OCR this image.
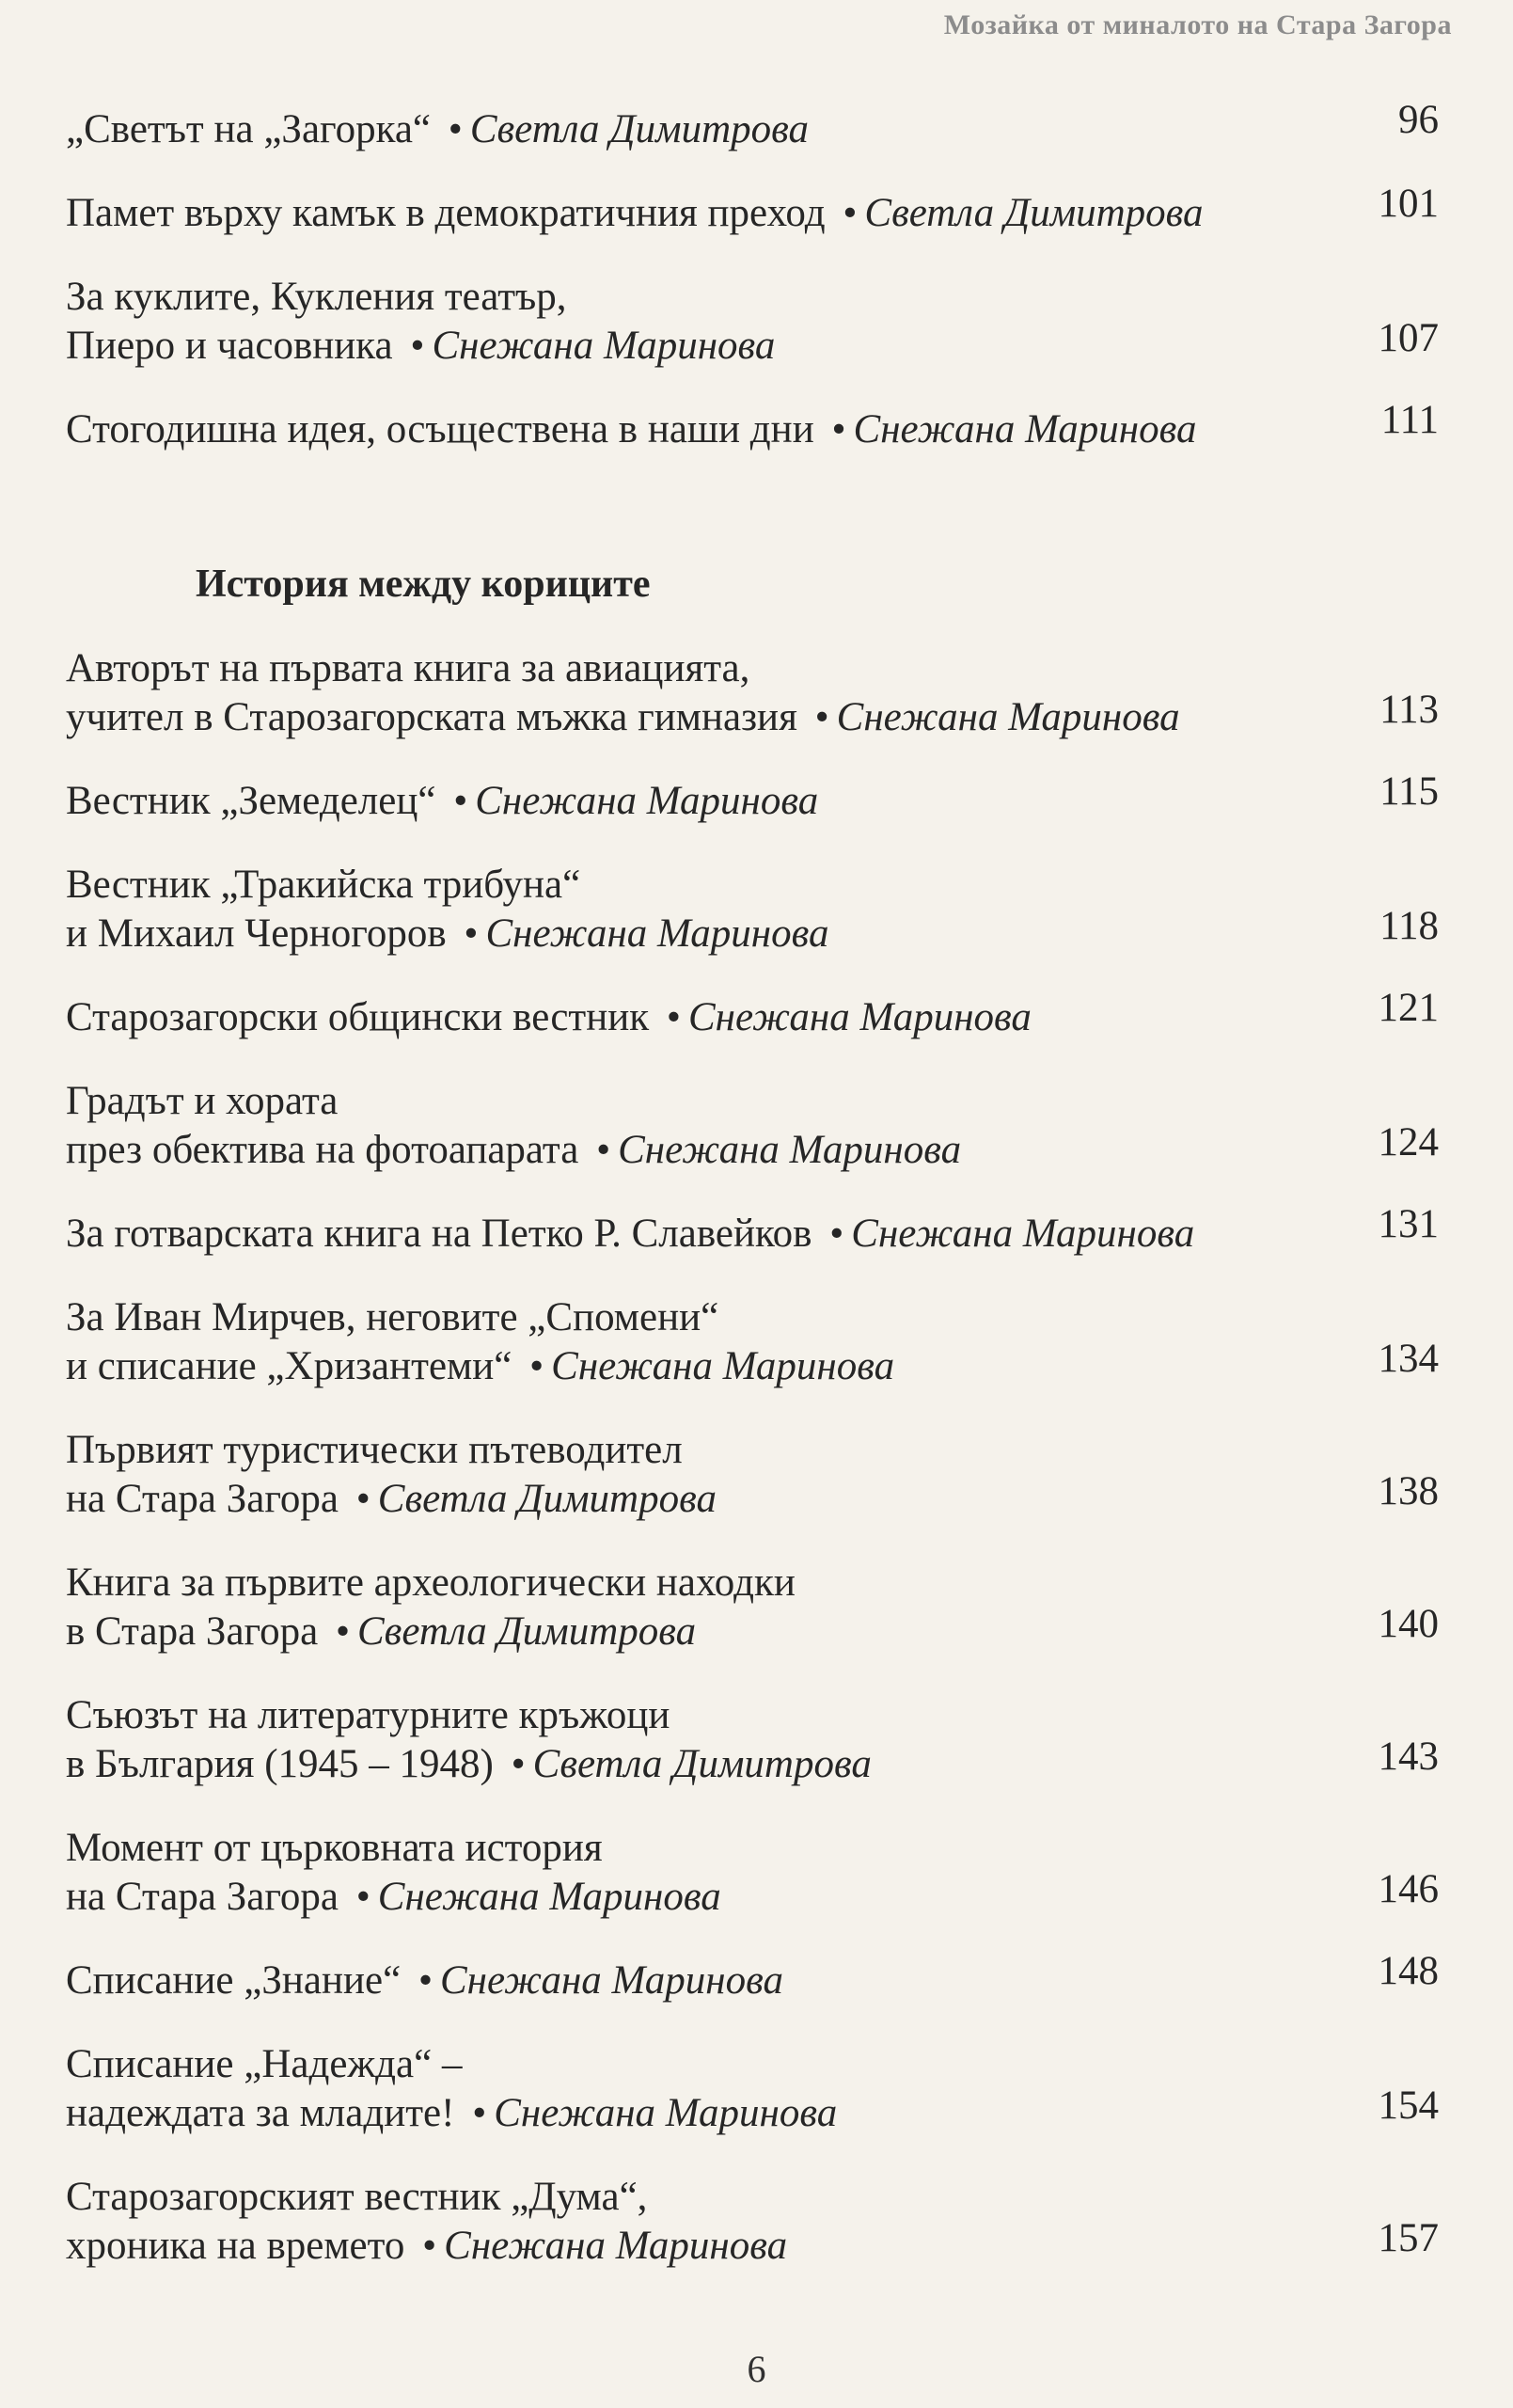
Мозайка от миналото на Стара Загора
„Светът на „Загорка“ • Светла Димитрова	96
Памет върху камък в демократичния преход • Светла Димитрова	101
За куклите, Кукления театър,
Пиеро и часовника • Снежана Маринова	107
Стогодишна идея, осъществена в наши дни • Снежана Маринова	111
История между кориците
Авторът на първата книга за авиацията,
учител в Старозагорската мъжка гимназия • Снежана Маринова	113
Вестник „Земеделец“ • Снежана Маринова	115
Вестник „Тракийска трибуна“
и Михаил Черногоров • Снежана Маринова	118
Старозагорски общински вестник • Снежана Маринова	121
Градът и хората
през обектива на фотоапарата • Снежана Маринова	124
За готварската книга на Петко Р. Славейков • Снежана Маринова	131
За Иван Мирчев, неговите „Спомени“
и списание „Хризантеми“ • Снежана Маринова	134
Първият туристически пътеводител
на Стара Загора • Светла Димитрова	138
Книга за първите археологически находки
в Стара Загора • Светла Димитрова	140
Съюзът на литературните кръжоци
в България (1945 – 1948) • Светла Димитрова	143
Момент от църковната история
на Стара Загора • Снежана Маринова	146
Списание „Знание“ • Снежана Маринова	148
Списание „Надежда“ –
надеждата за младите! • Снежана Маринова	154
Старозагорският вестник „Дума“,
хроника на времето • Снежана Маринова	157
6
